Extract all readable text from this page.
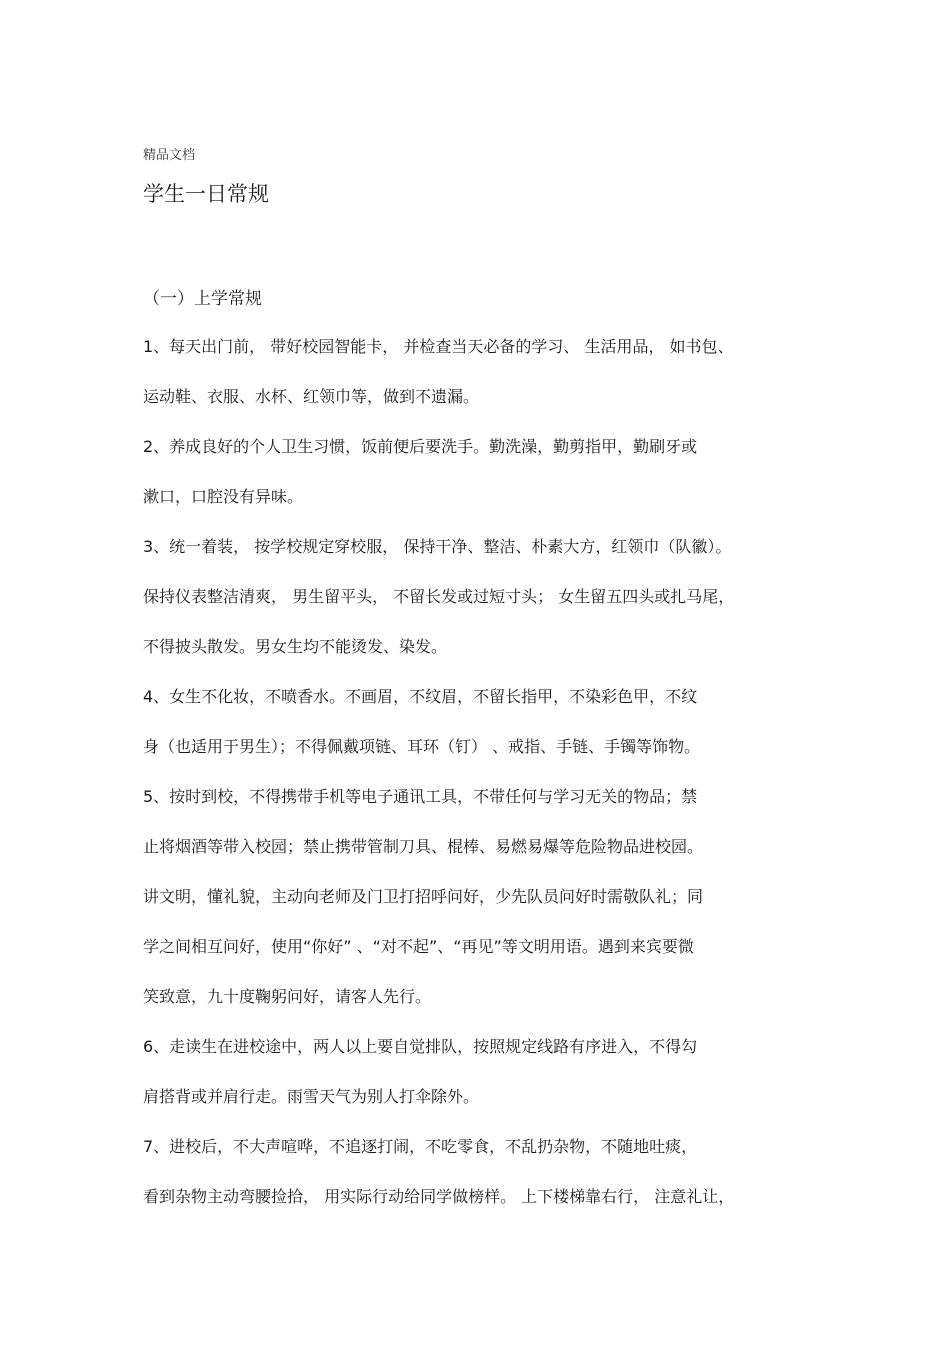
精品文档
学生一日常规
（一）上学常规
1、每天出门前， 带好校园智能卡， 并检查当天必备的学习、 生活用品， 如书包、
运动鞋、衣服、水杯、红领巾等，做到不遗漏。
2、养成良好的个人卫生习惯，饭前便后要洗手。勤洗澡，勤剪指甲，勤刷牙或
漱口，口腔没有异味。
3、统一着装， 按学校规定穿校服， 保持干净、整洁、朴素大方，红领巾（队徽）。
保持仪表整洁清爽， 男生留平头， 不留长发或过短寸头； 女生留五四头或扎马尾，
不得披头散发。男女生均不能烫发、染发。
4、女生不化妆，不喷香水。不画眉，不纹眉，不留长指甲，不染彩色甲，不纹
身（也适用于男生）；不得佩戴项链、耳环（钉） 、戒指、手链、手镯等饰物。
5、按时到校，不得携带手机等电子通讯工具，不带任何与学习无关的物品；禁
止将烟酒等带入校园；禁止携带管制刀具、棍棒、易燃易爆等危险物品进校园。
讲文明，懂礼貌，主动向老师及门卫打招呼问好，少先队员问好时需敬队礼；同
学之间相互问好，使用“你好” 、“对不起”、“再见”等文明用语。遇到来宾要微
笑致意，九十度鞠躬问好，请客人先行。
6、走读生在进校途中，两人以上要自觉排队，按照规定线路有序进入，不得勾
肩搭背或并肩行走。雨雪天气为别人打伞除外。
7、进校后，不大声喧哗，不追逐打闹，不吃零食，不乱扔杂物，不随地吐痰，
看到杂物主动弯腰捡拾， 用实际行动给同学做榜样。 上下楼梯靠右行， 注意礼让，
